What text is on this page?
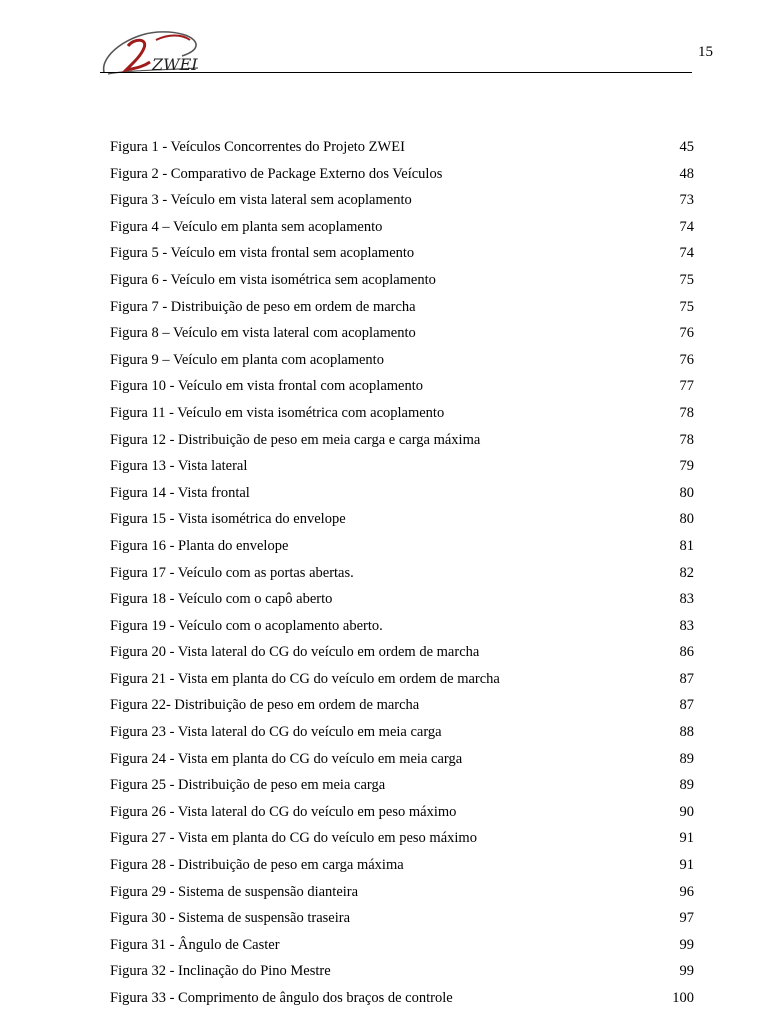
ZWEI
15
Figura 1 - Veículos Concorrentes do Projeto ZWEI	45
Figura 2 - Comparativo de Package Externo dos Veículos	48
Figura 3 - Veículo em vista lateral sem acoplamento	73
Figura 4 – Veículo em planta sem acoplamento	74
Figura 5 - Veículo em vista frontal sem acoplamento	74
Figura 6 - Veículo em vista isométrica sem acoplamento	75
Figura 7 - Distribuição de peso em ordem de marcha	75
Figura 8 – Veículo em vista lateral com acoplamento	76
Figura 9 – Veículo em planta com acoplamento	76
Figura 10 - Veículo em vista frontal com acoplamento	77
Figura 11 - Veículo em vista isométrica com acoplamento	78
Figura 12 - Distribuição de peso em meia carga e carga máxima	78
Figura 13 - Vista lateral	79
Figura 14 - Vista frontal	80
Figura 15 - Vista isométrica do envelope	80
Figura 16 - Planta do envelope	81
Figura 17 - Veículo com as portas abertas.	82
Figura 18 - Veículo com o capô aberto	83
Figura 19 - Veículo com o acoplamento aberto.	83
Figura 20 - Vista lateral do CG do veículo em ordem de marcha	86
Figura 21 - Vista em planta do CG do veículo em ordem de marcha	87
Figura 22- Distribuição de peso em ordem de marcha	87
Figura 23 - Vista lateral do CG do veículo em meia carga	88
Figura 24 - Vista em planta do CG do veículo em meia carga	89
Figura 25 - Distribuição de peso em meia carga	89
Figura 26 - Vista lateral do CG do veículo em peso máximo	90
Figura 27 - Vista em planta do CG do veículo em peso máximo	91
Figura 28 - Distribuição de peso em carga máxima	91
Figura 29 - Sistema de suspensão dianteira	96
Figura 30 - Sistema de suspensão traseira	97
Figura 31 - Ângulo de Caster	99
Figura 32 - Inclinação do Pino Mestre	99
Figura 33 - Comprimento de ângulo dos braços de controle	100
